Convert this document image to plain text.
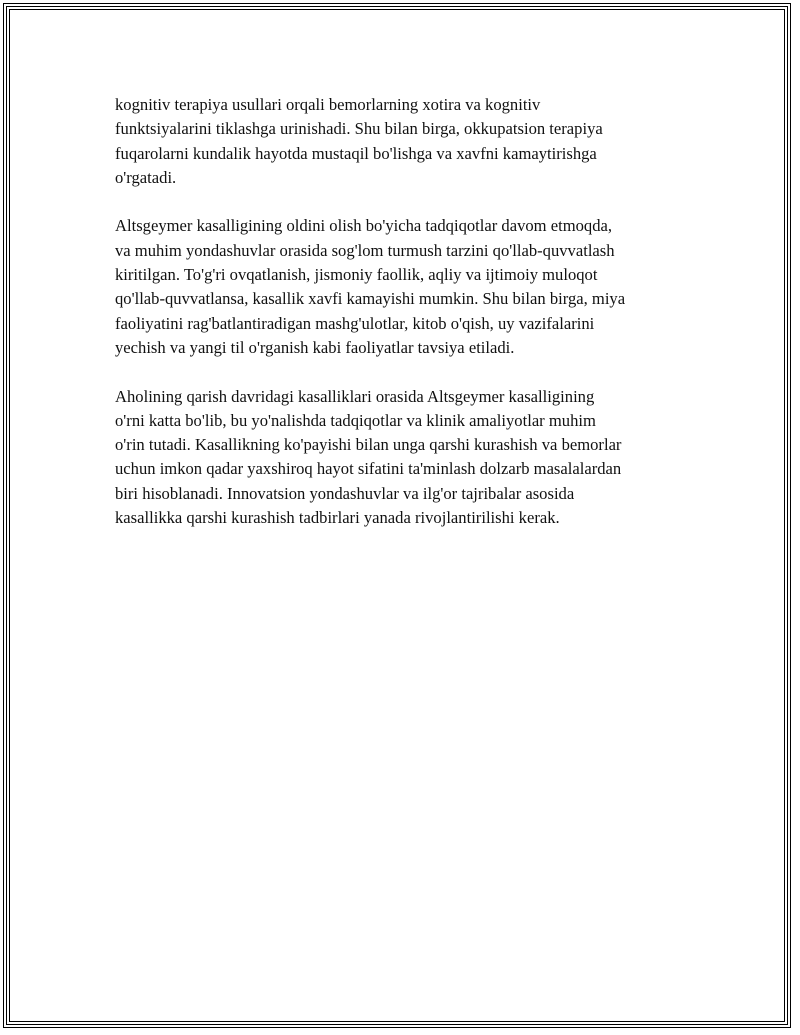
kognitiv terapiya usullari orqali bemorlarning xotira va kognitiv
funktsiyalarini tiklashga urinishadi. Shu bilan birga, okkupatsion terapiya
fuqarolarni kundalik hayotda mustaqil bo'lishga va xavfni kamaytirishga
o'rgatadi.

Altsgeymer kasalligining oldini olish bo'yicha tadqiqotlar davom etmoqda,
va muhim yondashuvlar orasida sog'lom turmush tarzini qo'llab-quvvatlash
kiritilgan. To'g'ri ovqatlanish, jismoniy faollik, aqliy va ijtimoiy muloqot
qo'llab-quvvatlansa, kasallik xavfi kamayishi mumkin. Shu bilan birga, miya
faoliyatini rag'batlantiradigan mashg'ulotlar, kitob o'qish, uy vazifalarini
yechish va yangi til o'rganish kabi faoliyatlar tavsiya etiladi.

Aholining qarish davridagi kasalliklari orasida Altsgeymer kasalligining
o'rni katta bo'lib, bu yo'nalishda tadqiqotlar va klinik amaliyotlar muhim
o'rin tutadi. Kasallikning ko'payishi bilan unga qarshi kurashish va bemorlar
uchun imkon qadar yaxshiroq hayot sifatini ta'minlash dolzarb masalalardan
biri hisoblanadi. Innovatsion yondashuvlar va ilg'or tajribalar asosida
kasallikka qarshi kurashish tadbirlari yanada rivojlantirilishi kerak.
